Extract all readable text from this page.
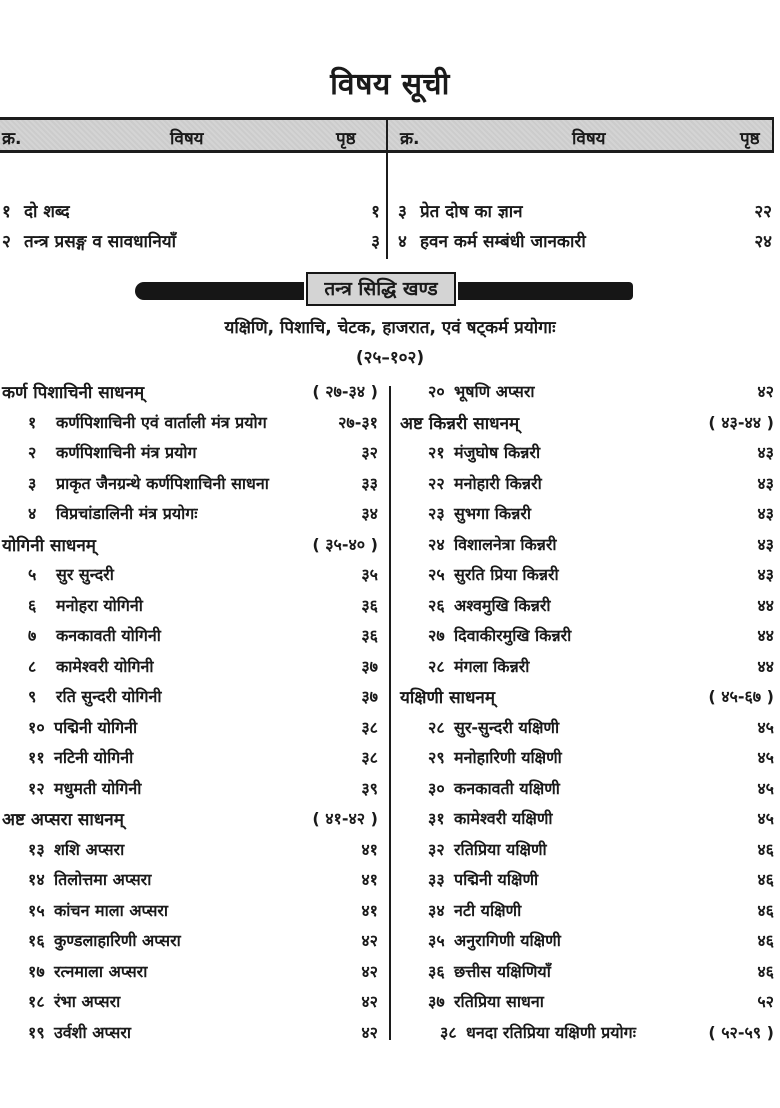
विषय सूची
क्र.	विषय	पृष्ठ	क्र.	विषय	पृष्ठ
१ दो शब्द	१
२ तन्त्र प्रसङ्ग व सावधानियाँ	३
३ प्रेत दोष का ज्ञान	२२
४ हवन कर्म सम्बंधी जानकारी	२४
तन्त्र सिद्धि खण्ड
यक्षिणि, पिशाचि, चेटक, हाजरात, एवं षट्कर्म प्रयोगाः
(२५–१०२)
कर्ण पिशाचिनी साधनम्	( २७-३४ )
१ कर्णपिशाचिनी एवं वार्ताली मंत्र प्रयोग	२७-३१
२ कर्णपिशाचिनी मंत्र प्रयोग	३२
३ प्राकृत जैनग्रन्थे कर्णपिशाचिनी साधना	३३
४ विप्रचांडालिनी मंत्र प्रयोगः	३४
योगिनी साधनम्	( ३५-४० )
५ सुर सुन्दरी	३५
६ मनोहरा योगिनी	३६
७ कनकावती योगिनी	३६
८ कामेश्वरी योगिनी	३७
९ रति सुन्दरी योगिनी	३७
१० पद्मिनी योगिनी	३८
११ नटिनी योगिनी	३८
१२ मधुमती योगिनी	३९
अष्ट अप्सरा साधनम्	( ४१-४२ )
१३ शशि अप्सरा	४१
१४ तिलोत्तमा अप्सरा	४१
१५ कांचन माला अप्सरा	४१
१६ कुण्डलाहारिणी अप्सरा	४२
१७ रत्नमाला अप्सरा	४२
१८ रंभा अप्सरा	४२
१९ उर्वशी अप्सरा	४२
२० भूषणि अप्सरा	४२
अष्ट किन्नरी साधनम्	( ४३-४४ )
२१ मंजुघोष किन्नरी	४३
२२ मनोहारी किन्नरी	४३
२३ सुभगा किन्नरी	४३
२४ विशालनेत्रा किन्नरी	४३
२५ सुरति प्रिया किन्नरी	४३
२६ अश्वमुखि किन्नरी	४४
२७ दिवाकीरमुखि किन्नरी	४४
२८ मंगला किन्नरी	४४
यक्षिणी साधनम्	( ४५-६७ )
२८ सुर-सुन्दरी यक्षिणी	४५
२९ मनोहारिणी यक्षिणी	४५
३० कनकावती यक्षिणी	४५
३१ कामेश्वरी यक्षिणी	४५
३२ रतिप्रिया यक्षिणी	४६
३३ पद्मिनी यक्षिणी	४६
३४ नटी यक्षिणी	४६
३५ अनुरागिणी यक्षिणी	४६
३६ छत्तीस यक्षिणियाँ	४६
३७ रतिप्रिया साधना	५२
३८ धनदा रतिप्रिया यक्षिणी प्रयोगः	( ५२-५९ )
